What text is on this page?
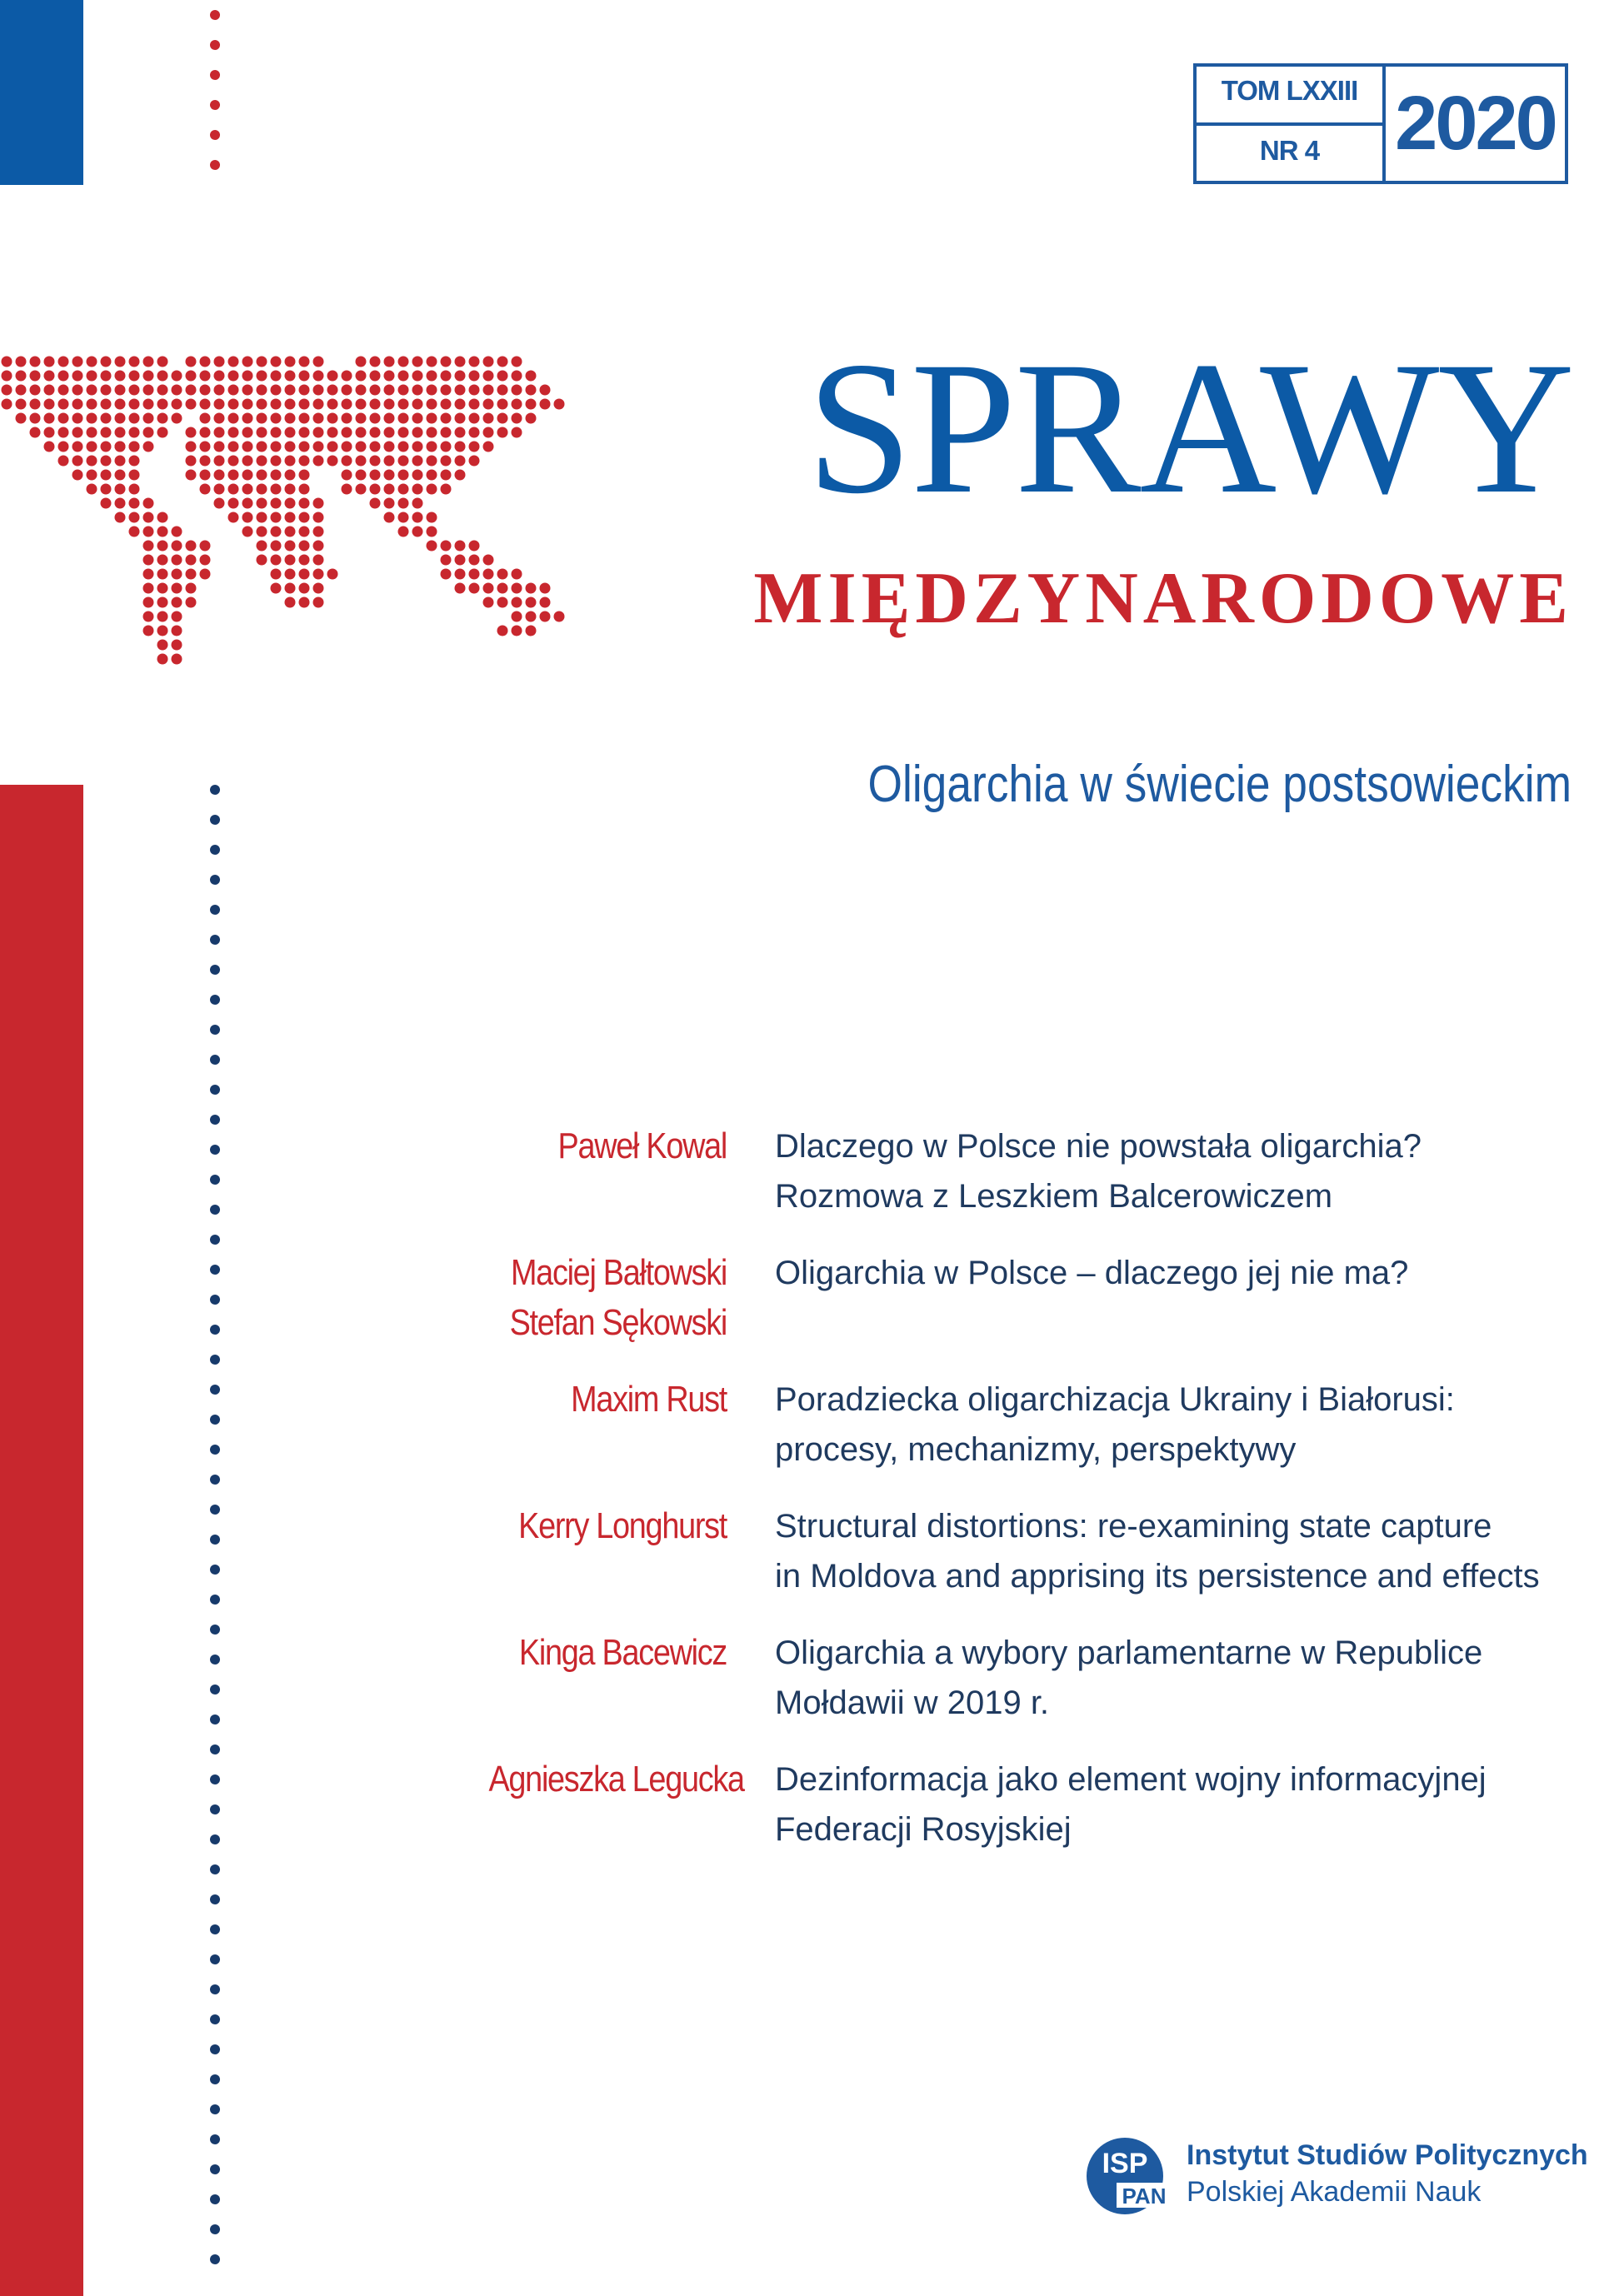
TOM LXXIII
NR 4 2020
SPRAWY
MIĘDZYNARODOWE
Oligarchia w świecie postsowieckim
Paweł Kowal Dlaczego w Polsce nie powstała oligarchia?
Rozmowa z Leszkiem Balcerowiczem
Maciej Bałtowski
Stefan Sękowski
Oligarchia w Polsce – dlaczego jej nie ma?
Maxim Rust Poradziecka oligarchizacja Ukrainy i Białorusi:
procesy, mechanizmy, perspektywy
Kerry Longhurst Structural distortions: re-examining state capture
in Moldova and apprising its persistence and effects
Kinga Bacewicz Oligarchia a wybory parlamentarne w Republice
Mołdawii w 2019 r.
Agnieszka Legucka Dezinformacja jako element wojny informacyjnej
Federacji Rosyjskiej
ISP
PAN
Instytut Studiów Politycznych
Polskiej Akademii Nauk
